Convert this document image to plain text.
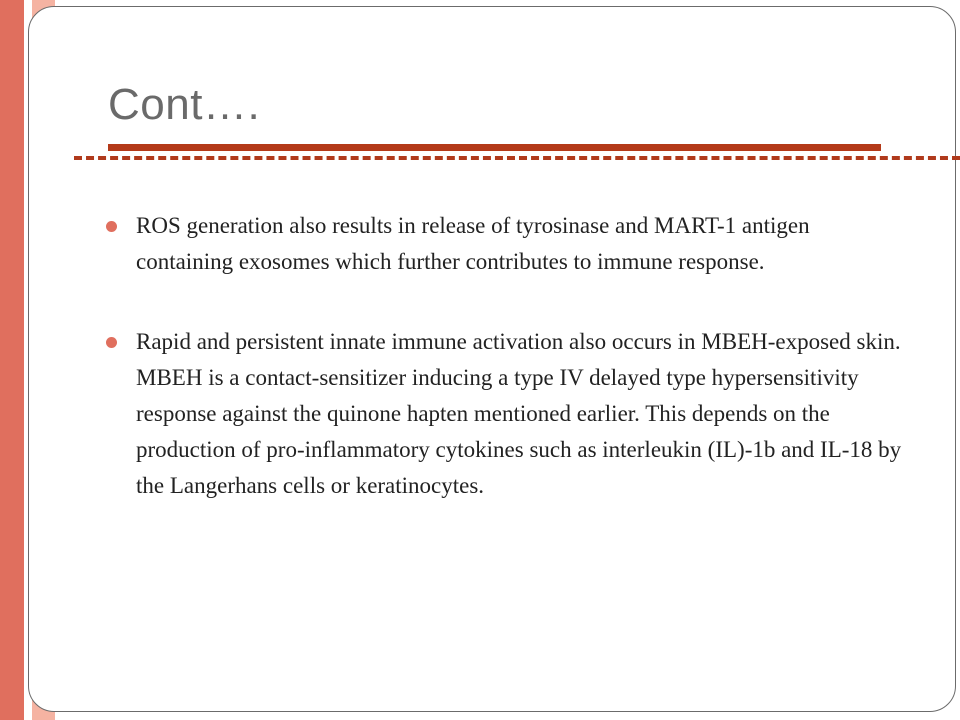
Cont….
ROS generation also results in release of tyrosinase and MART-1 antigen containing exosomes which further contributes to immune response.
Rapid and persistent innate immune activation also occurs in MBEH-exposed skin. MBEH is a contact-sensitizer inducing a type IV delayed type hypersensitivity response against the quinone hapten mentioned earlier. This depends on the production of pro-inflammatory cytokines such as interleukin (IL)-1b and IL-18 by the Langerhans cells or keratinocytes.
